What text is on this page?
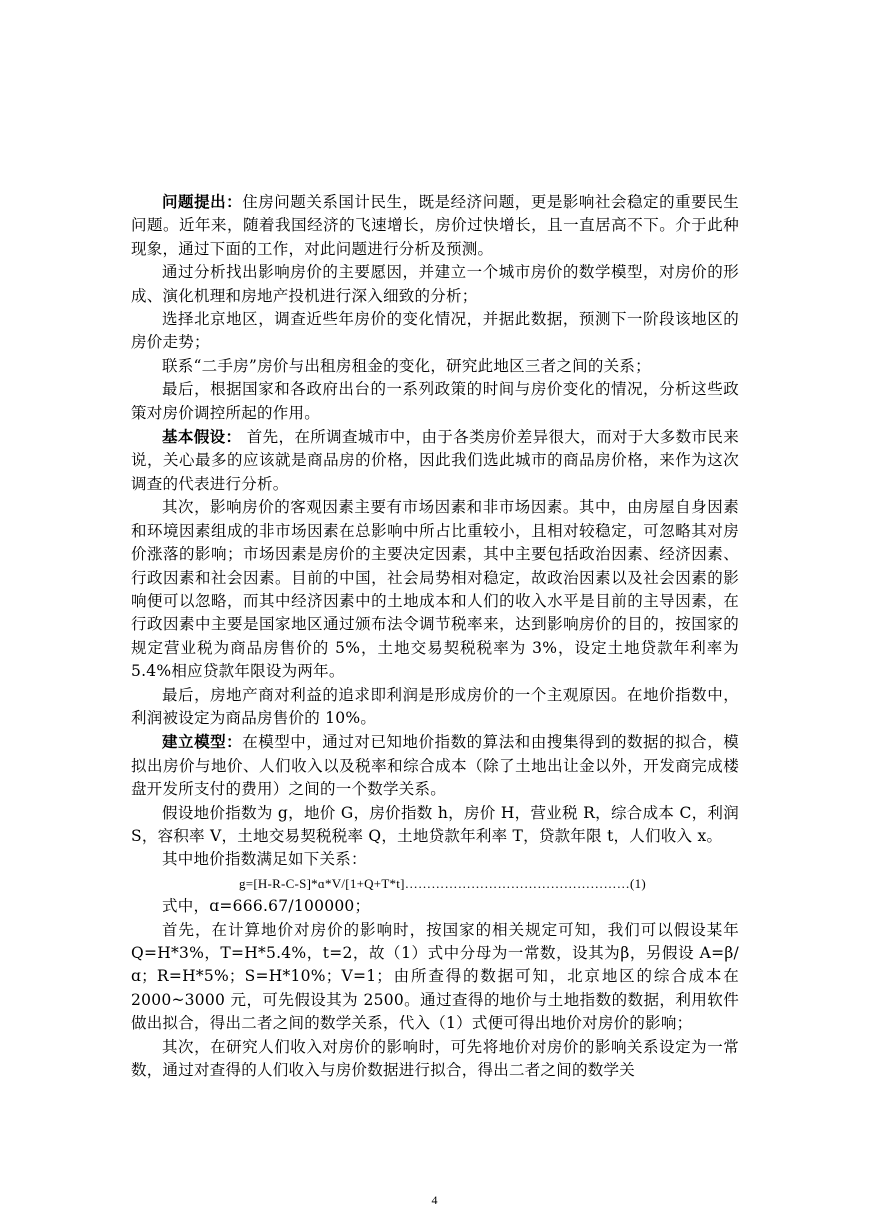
问题提出：住房问题关系国计民生，既是经济问题，更是影响社会稳定的重要民生问题。近年来，随着我国经济的飞速增长，房价过快增长，且一直居高不下。介于此种现象，通过下面的工作，对此问题进行分析及预测。

通过分析找出影响房价的主要愿因，并建立一个城市房价的数学模型，对房价的形成、演化机理和房地产投机进行深入细致的分析；

选择北京地区，调查近些年房价的变化情况，并据此数据，预测下一阶段该地区的房价走势；

联系“二手房”房价与出租房租金的变化，研究此地区三者之间的关系；

最后，根据国家和各政府出台的一系列政策的时间与房价变化的情况，分析这些政策对房价调控所起的作用。

基本假设： 首先，在所调查城市中，由于各类房价差异很大，而对于大多数市民来说，关心最多的应该就是商品房的价格，因此我们选此城市的商品房价格，来作为这次调查的代表进行分析。

其次，影响房价的客观因素主要有市场因素和非市场因素。其中，由房屋自身因素和环境因素组成的非市场因素在总影响中所占比重较小，且相对较稳定，可忽略其对房价涨落的影响；市场因素是房价的主要决定因素，其中主要包括政治因素、经济因素、行政因素和社会因素。目前的中国，社会局势相对稳定，故政治因素以及社会因素的影响便可以忽略，而其中经济因素中的土地成本和人们的收入水平是目前的主导因素，在行政因素中主要是国家地区通过颁布法令调节税率来，达到影响房价的目的，按国家的规定营业税为商品房售价的 5%，土地交易契税税率为 3%，设定土地贷款年利率为 5.4%相应贷款年限设为两年。

最后，房地产商对利益的追求即利润是形成房价的一个主观原因。在地价指数中，利润被设定为商品房售价的 10%。

建立模型：在模型中，通过对已知地价指数的算法和由搜集得到的数据的拟合，模拟出房价与地价、人们收入以及税率和综合成本（除了土地出让金以外，开发商完成楼盘开发所支付的费用）之间的一个数学关系。

假设地价指数为 g，地价 G，房价指数 h，房价 H，营业税 R，综合成本 C，利润 S，容积率 V，土地交易契税税率 Q，土地贷款年利率 T，贷款年限 t，人们收入 x。

其中地价指数满足如下关系：

g=[H-R-C-S]*ɑ*V/[1+Q+T*t]……………………………………………(1)

式中，ɑ=666.67/100000；

首先，在计算地价对房价的影响时，按国家的相关规定可知，我们可以假设某年 Q=H*3%，T=H*5.4%，t=2，故（1）式中分母为一常数，设其为β，另假设 A=β/ɑ；R=H*5%；S=H*10%；V=1；由所查得的数据可知，北京地区的综合成本在 2000~3000 元，可先假设其为 2500。通过查得的地价与土地指数的数据，利用软件做出拟合，得出二者之间的数学关系，代入（1）式便可得出地价对房价的影响；

其次，在研究人们收入对房价的影响时，可先将地价对房价的影响关系设定为一常数，通过对查得的人们收入与房价数据进行拟合，得出二者之间的数学关

4
